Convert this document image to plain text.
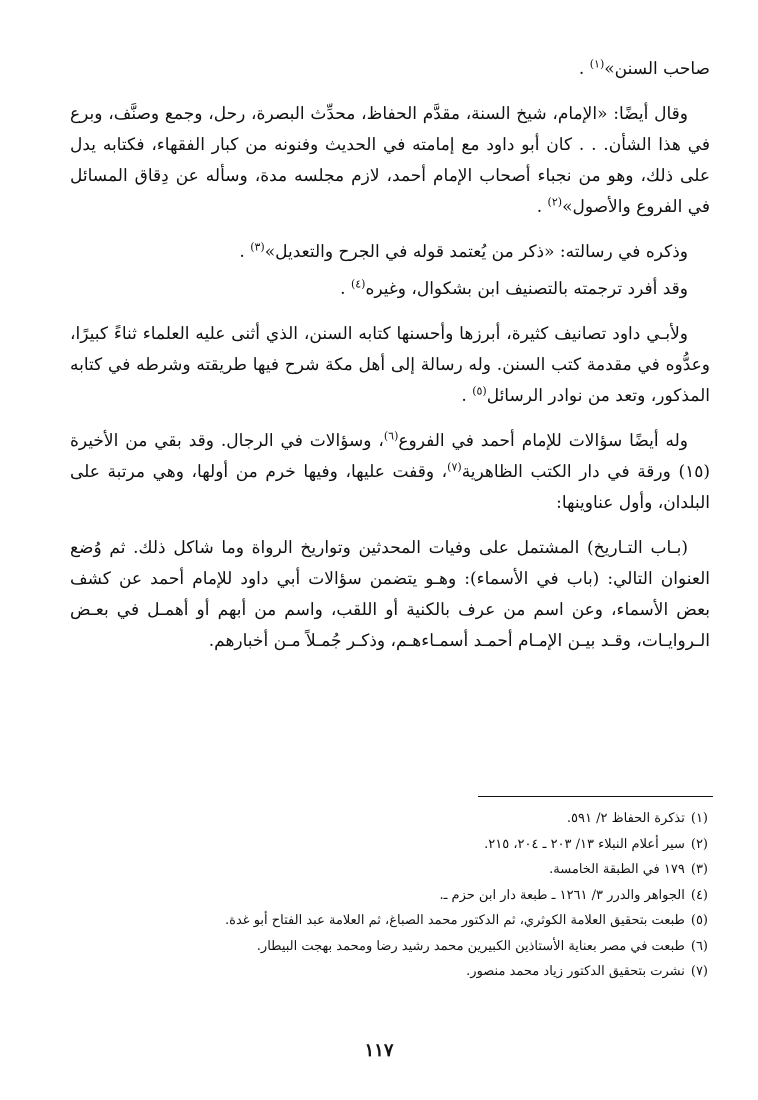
صاحب السنن»$^{(١)}$ .

وقال أيضًا: «الإمام، شيخ السنة، مقدَّم الحفاظ، محدِّث البصرة، رحل، وجمع وصنَّف، وبرع في هذا الشأن. . . كان أبو داود مع إمامته في الحديث وفنونه من كبار الفقهاء، فكتابه يدل على ذلك، وهو من نجباء أصحاب الإمام أحمد، لازم مجلسه مدة، وسأله عن دِقاق المسائل في الفروع والأصول»$^{(٢)}$ .

وذكره في رسالته: «ذكر من يُعتمد قوله في الجرح والتعديل»$^{(٣)}$ .

وقد أفرد ترجمته بالتصنيف ابن بشكوال، وغيره$^{(٤)}$ .

ولأبـي داود تصانيف كثيرة، أبرزها وأحسنها كتابه السنن، الذي أثنى عليه العلماء ثناءً كبيرًا، وعدُّوه في مقدمة كتب السنن. وله رسالة إلى أهل مكة شرح فيها طريقته وشرطه في كتابه المذكور، وتعد من نوادر الرسائل$^{(٥)}$ .

وله أيضًا سؤالات للإمام أحمد في الفروع$^{(٦)}$، وسؤالات في الرجال. وقد بقي من الأخيرة (١٥) ورقة في دار الكتب الظاهرية$^{(٧)}$، وقفت عليها، وفيها خرم من أولها، وهي مرتبة على البلدان، وأول عناوينها:

(بـاب التـاريخ) المشتمل على وفيات المحدثين وتواريخ الرواة وما شاكل ذلك. ثم وُضع العنوان التالي: (باب في الأسماء): وهـو يتضمن سؤالات أبي داود للإمام أحمد عن كشف بعض الأسماء، وعن اسم من عرف بالكنية أو اللقب، واسم من أبهم أو أهمـل في بعـض الـروايـات، وقـد بيـن الإمـام أحمـد أسمـاءهـم، وذكـر جُمـلاً مـن أخبارهم.

(١)تذكرة الحفاظ ٢/ ٥٩١.
(٢)سير أعلام النبلاء ١٣/ ٢٠٣ ـ ٢٠٤، ٢١٥.
(٣)١٧٩ في الطبقة الخامسة.
(٤)الجواهر والدرر ٣/ ١٢٦١ ـ طبعة دار ابن حزم ـ.
(٥)طبعت بتحقيق العلامة الكوثري، ثم الدكتور محمد الصباغ، ثم العلامة عبد الفتاح أبو غدة.
(٦)طبعت في مصر بعناية الأستاذين الكبيرين محمد رشيد رضا ومحمد بهجت البيطار.
(٧)نشرت بتحقيق الدكتور زياد محمد منصور.
١١٧
